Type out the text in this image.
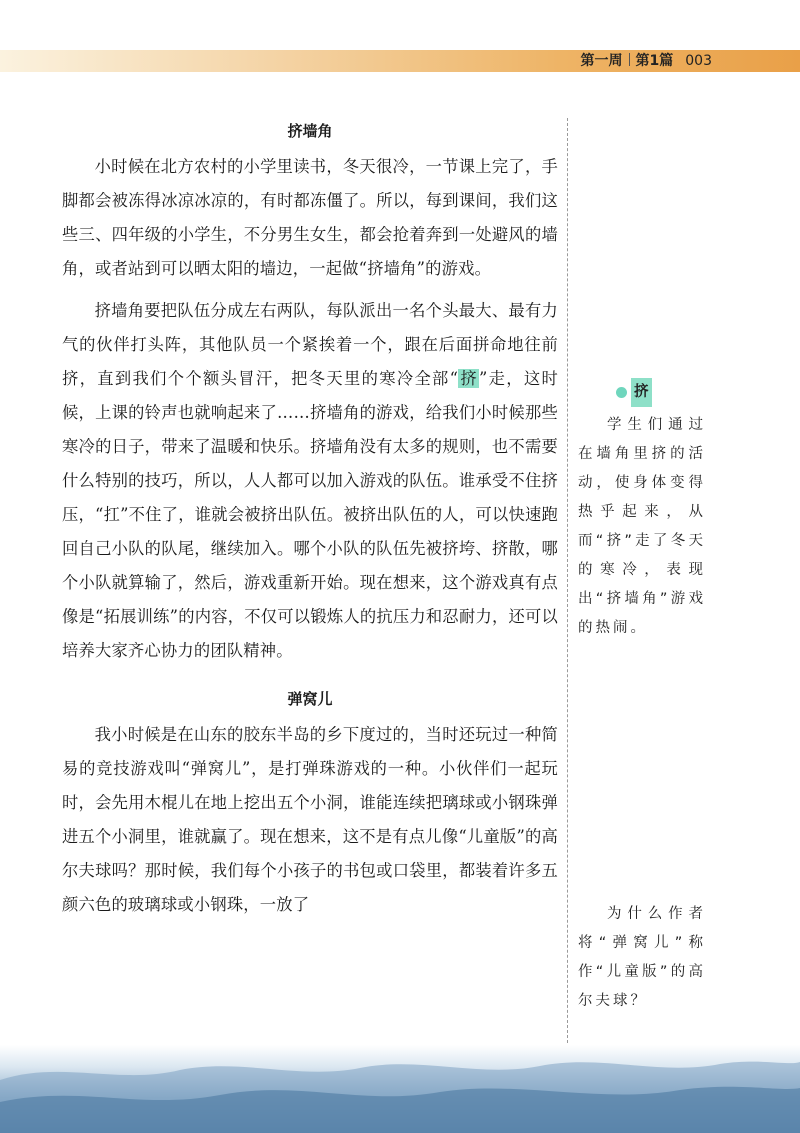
第一周 第1篇 003
挤墙角

小时候在北方农村的小学里读书，冬天很冷，一节课上完了，手脚都会被冻得冰凉冰凉的，有时都冻僵了。所以，每到课间，我们这些三、四年级的小学生，不分男生女生，都会抢着奔到一处避风的墙角，或者站到可以晒太阳的墙边，一起做“挤墙角”的游戏。

挤墙角要把队伍分成左右两队，每队派出一名个头最大、最有力气的伙伴打头阵，其他队员一个紧挨着一个，跟在后面拼命地往前挤，直到我们个个额头冒汗，把冬天里的寒冷全部“挤”走，这时候，上课的铃声也就响起来了……挤墙角的游戏，给我们小时候那些寒冷的日子，带来了温暖和快乐。挤墙角没有太多的规则，也不需要什么特别的技巧，所以，人人都可以加入游戏的队伍。谁承受不住挤压，“扛”不住了，谁就会被挤出队伍。被挤出队伍的人，可以快速跑回自己小队的队尾，继续加入。哪个小队的队伍先被挤垮、挤散，哪个小队就算输了，然后，游戏重新开始。现在想来，这个游戏真有点像是“拓展训练”的内容，不仅可以锻炼人的抗压力和忍耐力，还可以培养大家齐心协力的团队精神。

弹窝儿

我小时候是在山东的胶东半岛的乡下度过的，当时还玩过一种简易的竞技游戏叫“弹窝儿”，是打弹珠游戏的一种。小伙伴们一起玩时，会先用木棍儿在地上挖出五个小洞，谁能连续把璃球或小钢珠弹进五个小洞里，谁就赢了。现在想来，这不是有点儿像“儿童版”的高尔夫球吗？那时候，我们每个小孩子的书包或口袋里，都装着许多五颜六色的玻璃球或小钢珠，一放了

挤

学生们通过在墙角里挤的活动，使身体变得热乎起来，从而“挤”走了冬天的寒冷，表现出“挤墙角”游戏的热闹。

为什么作者将“弹窝儿”称作“儿童版”的高尔夫球？
